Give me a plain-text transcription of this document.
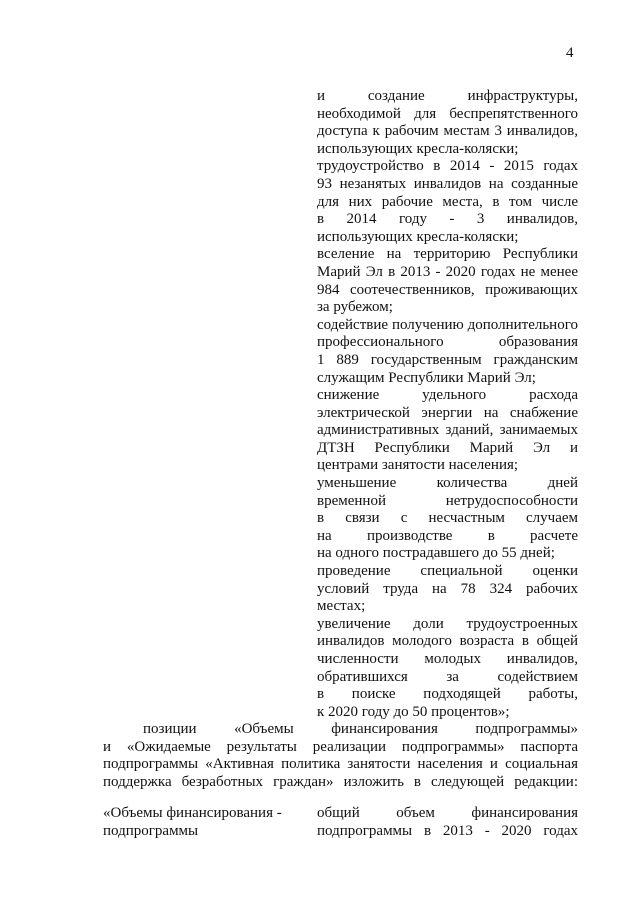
4
и создание инфраструктуры,
необходимой для беспрепятственного
доступа к рабочим местам 3 инвалидов,
использующих кресла-коляски;
трудоустройство в 2014 - 2015 годах
93 незанятых инвалидов на созданные
для них рабочие места, в том числе
в 2014 году - 3 инвалидов,
использующих кресла-коляски;
вселение на территорию Республики
Марий Эл в 2013 - 2020 годах не менее
984 соотечественников, проживающих
за рубежом;
содействие получению дополнительного
профессионального образования
1 889 государственным гражданским
служащим Республики Марий Эл;
снижение удельного расхода
электрической энергии на снабжение
административных зданий, занимаемых
ДТЗН Республики Марий Эл и
центрами занятости населения;
уменьшение количества дней
временной нетрудоспособности
в связи с несчастным случаем
на производстве в расчете
на одного пострадавшего до 55 дней;
проведение специальной оценки
условий труда на 78 324 рабочих
местах;
увеличение доли трудоустроенных
инвалидов молодого возраста в общей
численности молодых инвалидов,
обратившихся за содействием
в поиске подходящей работы,
к 2020 году до 50 процентов»;
позиции «Объемы финансирования подпрограммы»
и «Ожидаемые результаты реализации подпрограммы» паспорта
подпрограммы «Активная политика занятости населения и социальная
поддержка безработных граждан» изложить в следующей редакции:
«Объемы финансирования - общий объем финансирования
подпрограммы	подпрограммы в 2013 - 2020 годах
